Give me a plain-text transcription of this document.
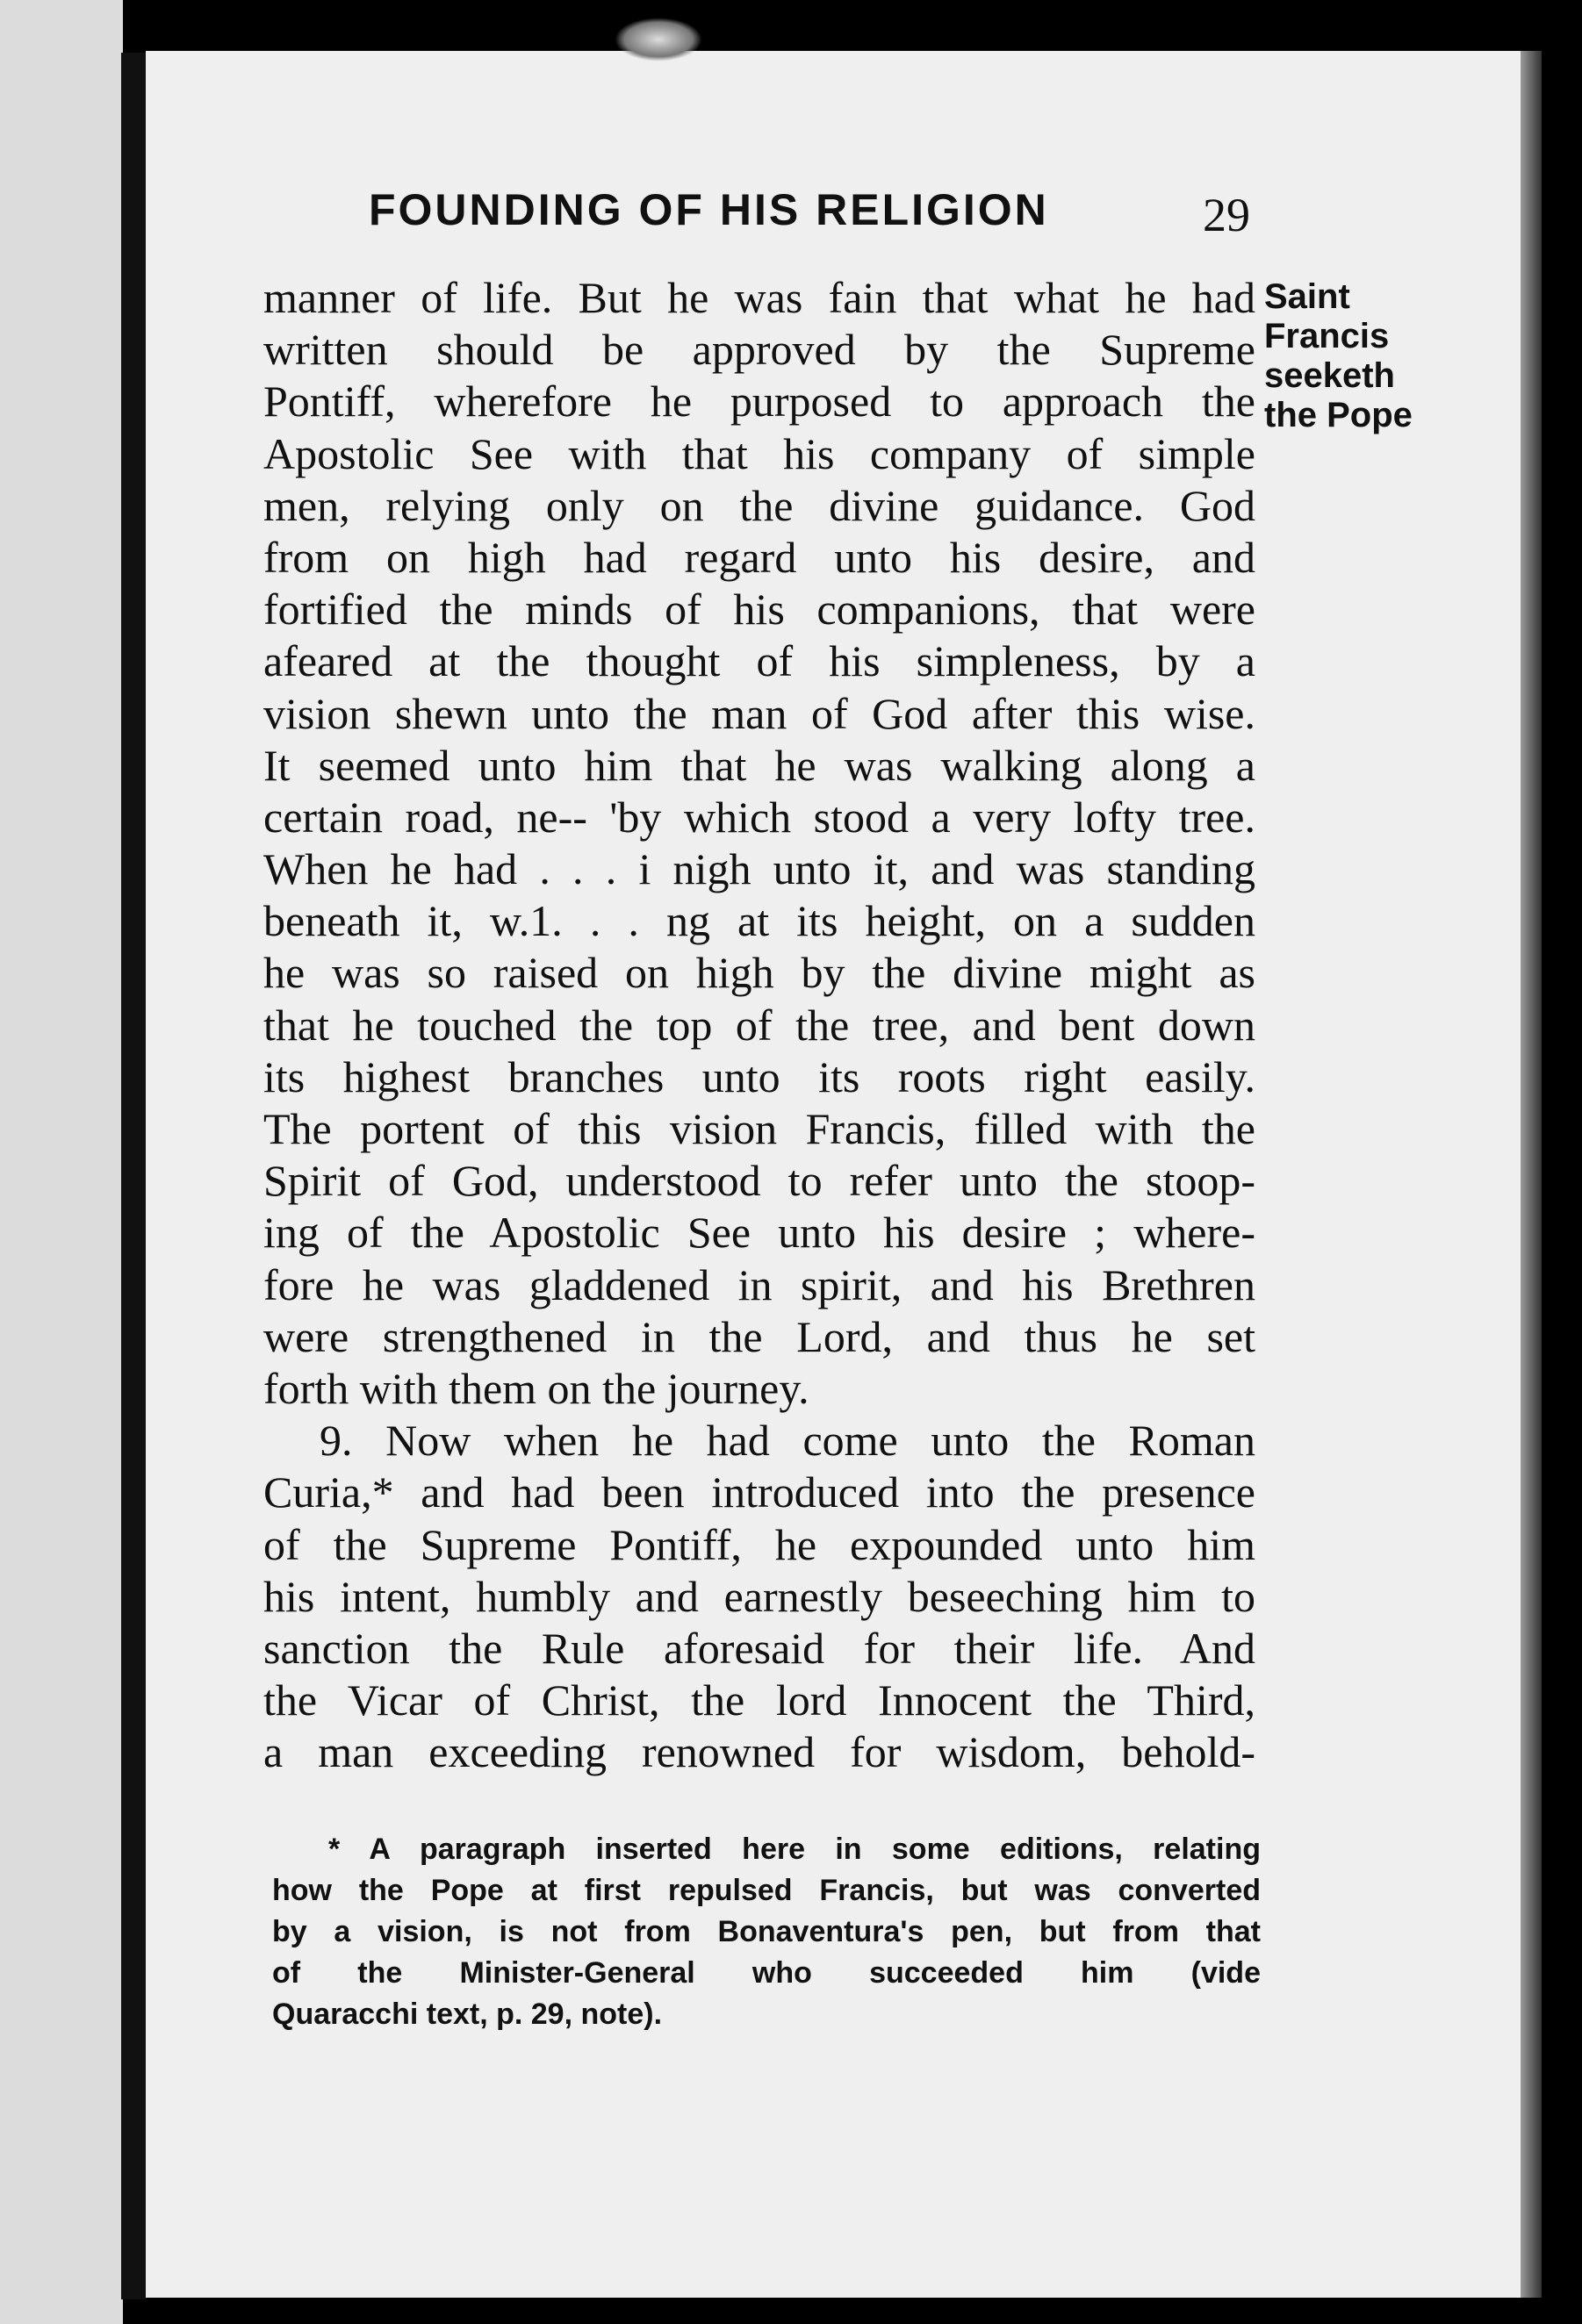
FOUNDING OF HIS RELIGION	29
Saint
Francis
seeketh
the Pope
manner of life. But he was fain that what he had
written should be approved by the Supreme
Pontiff, wherefore he purposed to approach the
Apostolic See with that his company of simple
men, relying only on the divine guidance. God
from on high had regard unto his desire, and
fortified the minds of his companions, that were
afeared at the thought of his simpleness, by a
vision shewn unto the man of God after this wise.
It seemed unto him that he was walking along a
certain road, ne-- 'by which stood a very lofty tree.
When he had . . . i nigh unto it, and was standing
beneath it, w.1. . . ng at its height, on a sudden
he was so raised on high by the divine might as
that he touched the top of the tree, and bent down
its highest branches unto its roots right easily.
The portent of this vision Francis, filled with the
Spirit of God, understood to refer unto the stoop-
ing of the Apostolic See unto his desire ; where-
fore he was gladdened in spirit, and his Brethren
were strengthened in the Lord, and thus he set
forth with them on the journey.
9. Now when he had come unto the Roman
Curia,* and had been introduced into the presence
of the Supreme Pontiff, he expounded unto him
his intent, humbly and earnestly beseeching him to
sanction the Rule aforesaid for their life. And
the Vicar of Christ, the lord Innocent the Third,
a man exceeding renowned for wisdom, behold-
* A paragraph inserted here in some editions, relating
how the Pope at first repulsed Francis, but was converted
by a vision, is not from Bonaventura's pen, but from that
of the Minister-General who succeeded him (vide
Quaracchi text, p. 29, note).
